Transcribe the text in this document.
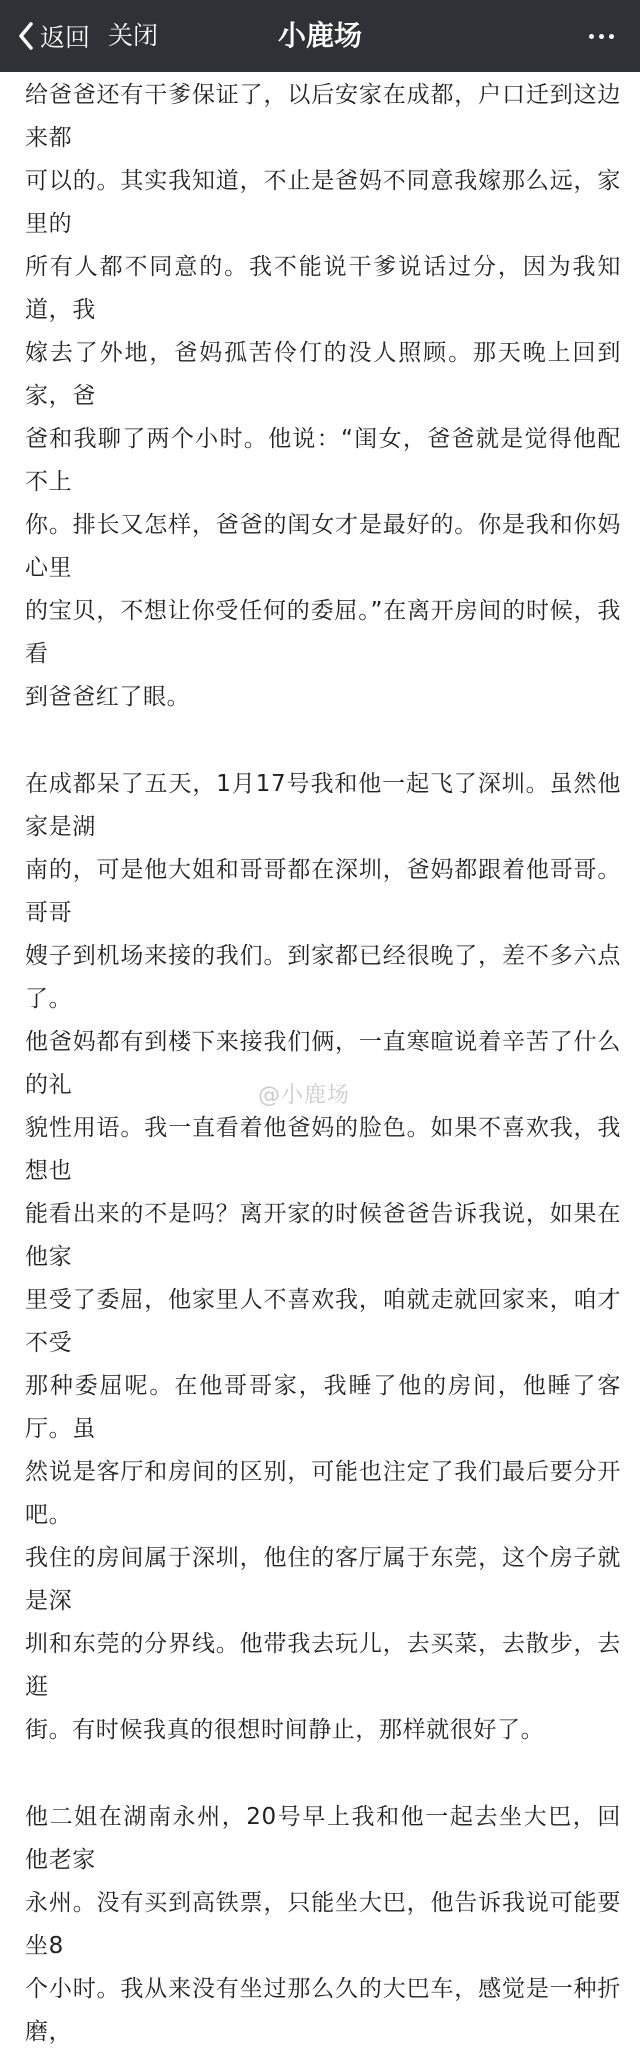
返回 关闭	小鹿场

给爸爸还有干爹保证了，以后安家在成都，户口迁到这边来都

可以的。其实我知道，不止是爸妈不同意我嫁那么远，家里的

所有人都不同意的。我不能说干爹说话过分，因为我知道，我

嫁去了外地，爸妈孤苦伶仃的没人照顾。那天晚上回到家，爸

爸和我聊了两个小时。他说：“闺女，爸爸就是觉得他配不上

你。排长又怎样，爸爸的闺女才是最好的。你是我和你妈心里

的宝贝，不想让你受任何的委屈。”在离开房间的时候，我看

到爸爸红了眼。

在成都呆了五天，1月17号我和他一起飞了深圳。虽然他家是湖

南的，可是他大姐和哥哥都在深圳，爸妈都跟着他哥哥。哥哥

嫂子到机场来接的我们。到家都已经很晚了，差不多六点了。

他爸妈都有到楼下来接我们俩，一直寒暄说着辛苦了什么的礼

貌性用语。我一直看着他爸妈的脸色。如果不喜欢我，我想也

能看出来的不是吗？离开家的时候爸爸告诉我说，如果在他家

里受了委屈，他家里人不喜欢我，咱就走就回家来，咱才不受

那种委屈呢。在他哥哥家，我睡了他的房间，他睡了客厅。虽

然说是客厅和房间的区别，可能也注定了我们最后要分开吧。

我住的房间属于深圳，他住的客厅属于东莞，这个房子就是深

圳和东莞的分界线。他带我去玩儿，去买菜，去散步，去逛

街。有时候我真的很想时间静止，那样就很好了。

他二姐在湖南永州，20号早上我和他一起去坐大巴，回他老家

永州。没有买到高铁票，只能坐大巴，他告诉我说可能要坐8

个小时。我从来没有坐过那么久的大巴车，感觉是一种折磨，

@小鹿场
